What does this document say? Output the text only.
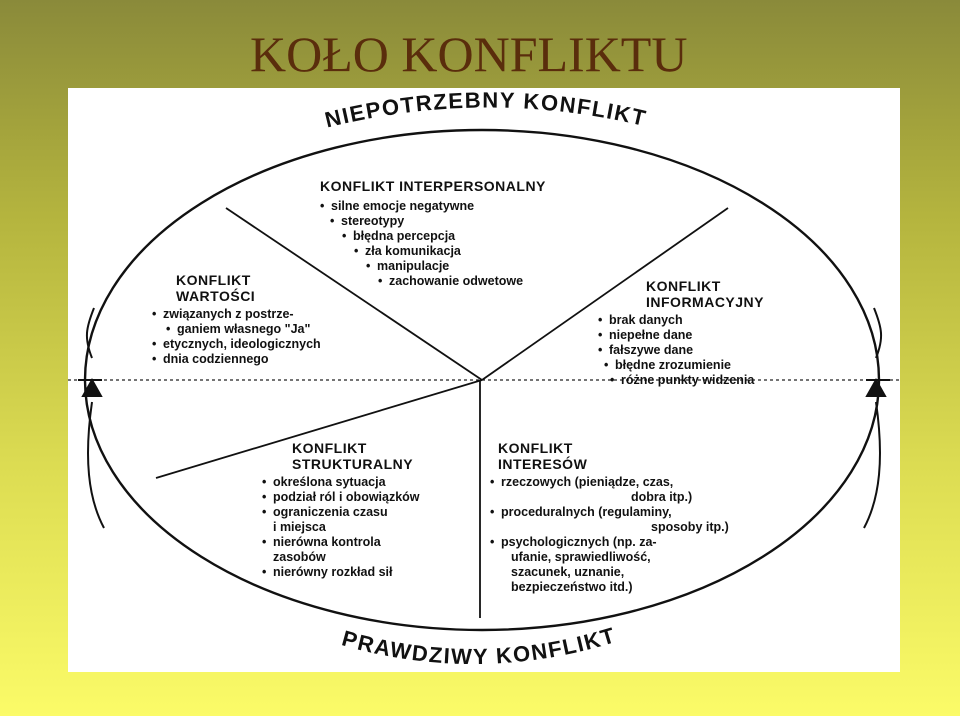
KOŁO KONFLIKTU
NIEPOTRZEBNY KONFLIKT
PRAWDZIWY KONFLIKT
KONFLIKT INTERPERSONALNY
• silne emocje negatywne
• stereotypy
• błędna percepcja
• zła komunikacja
• manipulacje
• zachowanie odwetowe
KONFLIKT
WARTOŚCI
• związanych z postrze-
• ganiem własnego "Ja"
• etycznych, ideologicznych
• dnia codziennego
KONFLIKT
INFORMACYJNY
• brak danych
• niepełne dane
• fałszywe dane
• błędne zrozumienie
• różne punkty widzenia
KONFLIKT
STRUKTURALNY
• określona sytuacja
• podział ról i obowiązków
• ograniczenia czasu
i miejsca
• nierówna kontrola
zasobów
• nierówny rozkład sił
KONFLIKT
INTERESÓW
• rzeczowych (pieniądze, czas,
dobra itp.)
• proceduralnych (regulaminy,
sposoby itp.)
• psychologicznych (np. za-
ufanie, sprawiedliwość,
szacunek, uznanie,
bezpieczeństwo itd.)
